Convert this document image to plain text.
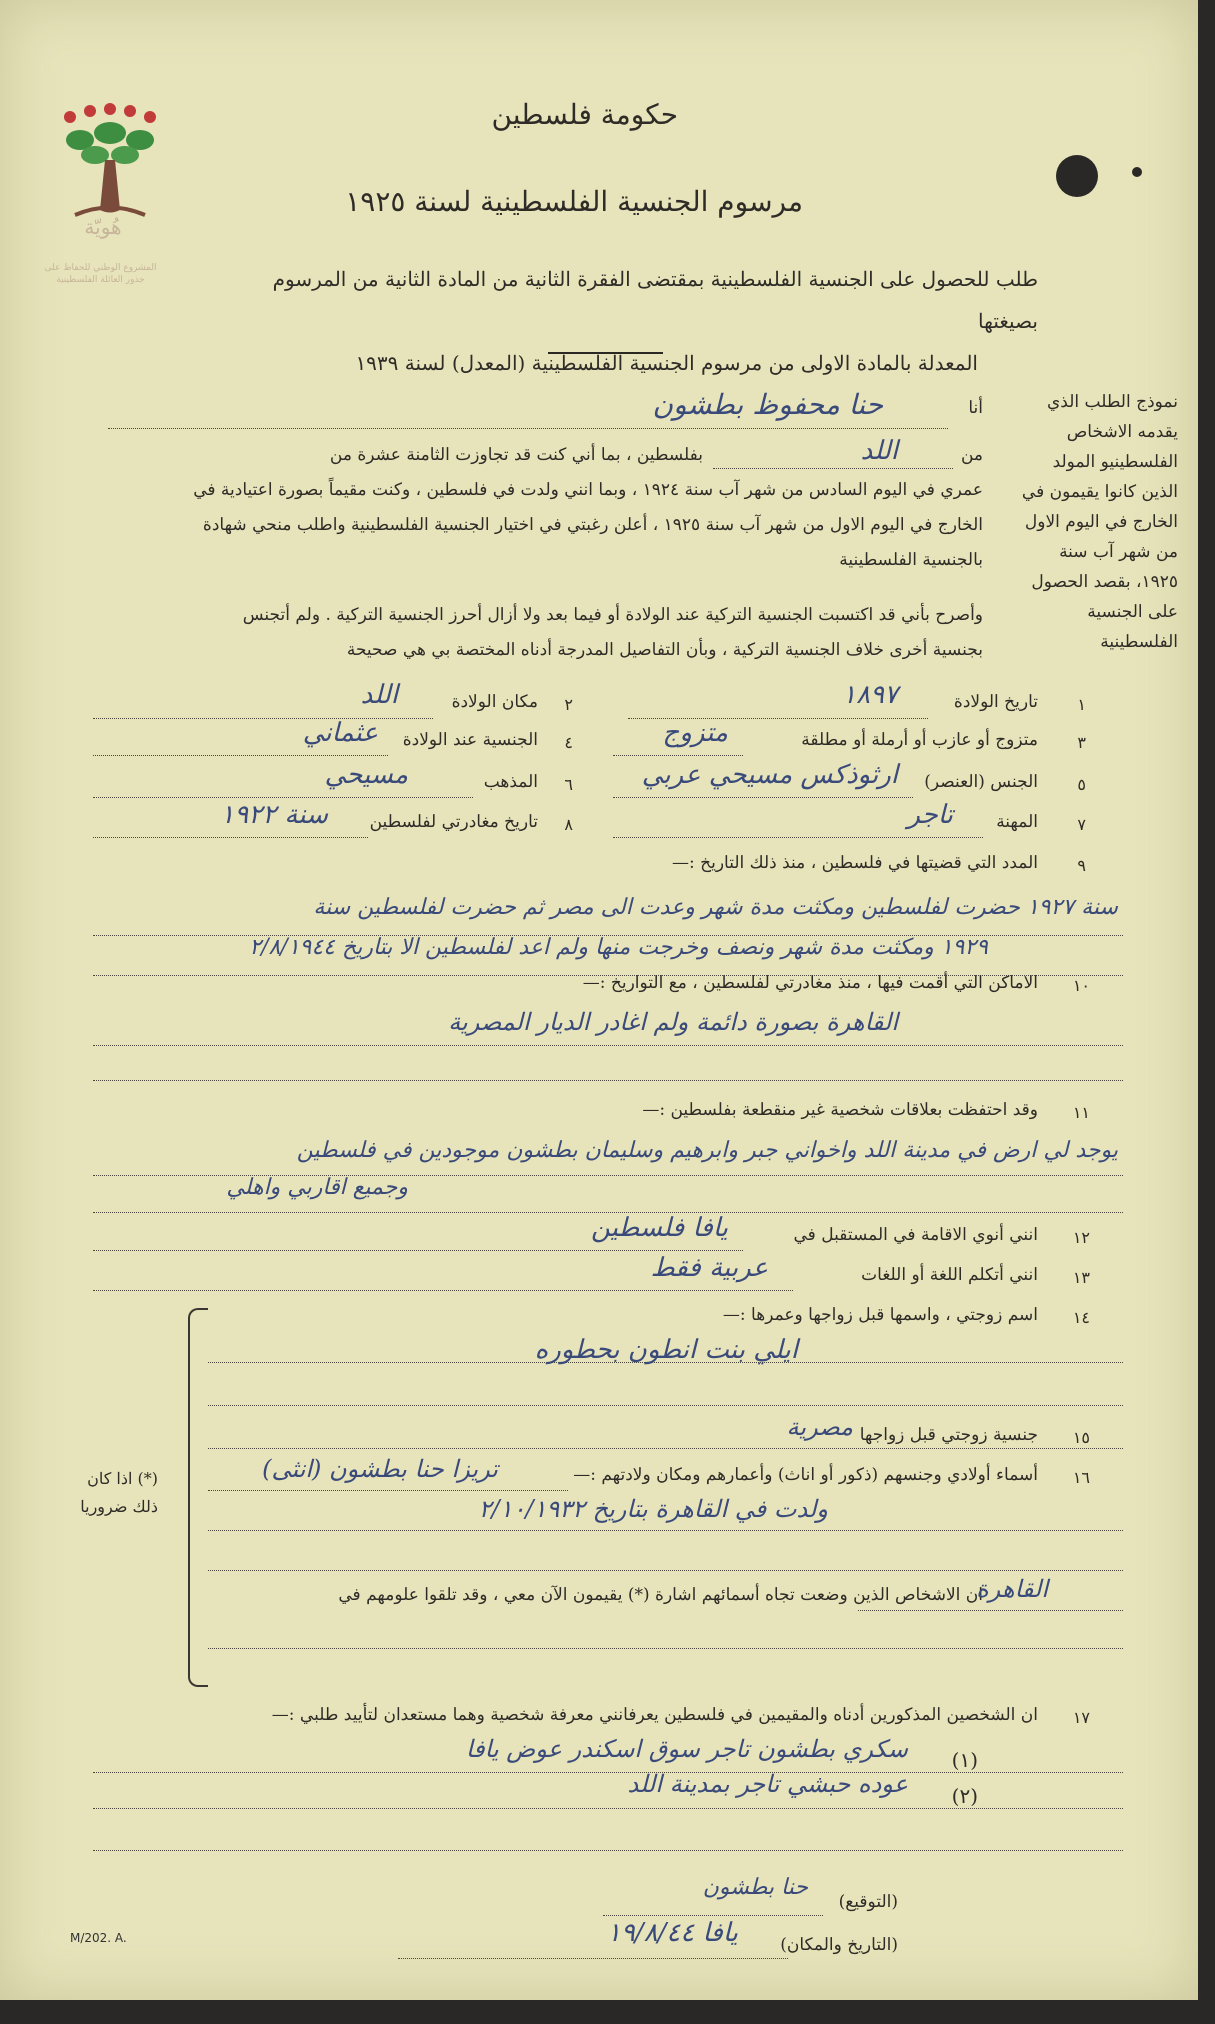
هُويّة
المشروع الوطني للحفاظ على جذور العائلة الفلسطينية
حكومة فلسطين
مرسوم الجنسية الفلسطينية لسنة ١٩٢٥
طلب للحصول على الجنسية الفلسطينية بمقتضى الفقرة الثانية من المادة الثانية من المرسوم بصيغتها
المعدلة بالمادة الاولى من مرسوم الجنسية الفلسطينية (المعدل) لسنة ١٩٣٩
نموذج الطلب الذي يقدمه الاشخاص الفلسطينيو المولد الذين كانوا يقيمون في الخارج في اليوم الاول من شهر آب سنة ١٩٢٥، بقصد الحصول على الجنسية الفلسطينية
أنا
حنا محفوظ بطشون
من
اللد
بفلسطين ، بما أني كنت قد تجاوزت الثامنة عشرة من
عمري في اليوم السادس من شهر آب سنة ١٩٢٤ ، وبما انني ولدت في فلسطين ، وكنت مقيماً بصورة اعتيادية في
الخارج في اليوم الاول من شهر آب سنة ١٩٢٥ ، أعلن رغبتي في اختيار الجنسية الفلسطينية واطلب منحي شهادة
بالجنسية الفلسطينية
وأصرح بأني قد اكتسبت الجنسية التركية عند الولادة أو فيما بعد ولا أزال أحرز الجنسية التركية . ولم أتجنس
بجنسية أخرى خلاف الجنسية التركية ، وبأن التفاصيل المدرجة أدناه المختصة بي هي صحيحة
١
تاريخ الولادة
١٨٩٧
٢
مكان الولادة
اللد
٣
متزوج أو عازب أو أرملة أو مطلقة
متزوج
٤
الجنسية عند الولادة
عثماني
٥
الجنس (العنصر)
ارثوذكس مسيحي عربي
٦
المذهب
مسيحي
٧
المهنة
تاجر
٨
تاريخ مغادرتي لفلسطين
سنة ١٩٢٢
٩
المدد التي قضيتها في فلسطين ، منذ ذلك التاريخ :—
سنة ١٩٢٧ حضرت لفلسطين ومكثت مدة شهر وعدت الى مصر ثم حضرت لفلسطين سنة
١٩٢٩ ومكثت مدة شهر ونصف وخرجت منها ولم اعد لفلسطين الا بتاريخ ٢/٨/١٩٤٤
١٠
الاماكن التي أقمت فيها ، منذ مغادرتي لفلسطين ، مع التواريخ :—
القاهرة بصورة دائمة ولم اغادر الديار المصرية
١١
وقد احتفظت بعلاقات شخصية غير منقطعة بفلسطين :—
يوجد لي ارض في مدينة اللد واخواني جبر وابرهيم وسليمان بطشون موجودين في فلسطين
وجميع اقاربي واهلي
١٢
انني أنوي الاقامة في المستقبل في
يافا فلسطين
١٣
انني أتكلم اللغة أو اللغات
عربية فقط
(*) اذا كان ذلك ضروريا
١٤
اسم زوجتي ، واسمها قبل زواجها وعمرها :—
ايلي بنت انطون بحطوره
١٥
جنسية زوجتي قبل زواجها
مصرية
١٦
أسماء أولادي وجنسهم (ذكور أو اناث) وأعمارهم ومكان ولادتهم :—
تريزا حنا بطشون (انثى)
ولدت في القاهرة بتاريخ ٢/١٠/١٩٣٢
ان الاشخاص الذين وضعت تجاه أسمائهم اشارة (*) يقيمون الآن معي ، وقد تلقوا علومهم في
القاهرة
١٧
ان الشخصين المذكورين أدناه والمقيمين في فلسطين يعرفانني معرفة شخصية وهما مستعدان لتأييد طلبي :—
(١)
سكري بطشون تاجر سوق اسكندر عوض يافا
(٢)
عوده حبشي تاجر بمدينة اللد
(التوقيع)
حنا بطشون
(التاريخ والمكان)
يافا ١٩/٨/٤٤
M/202. A.
